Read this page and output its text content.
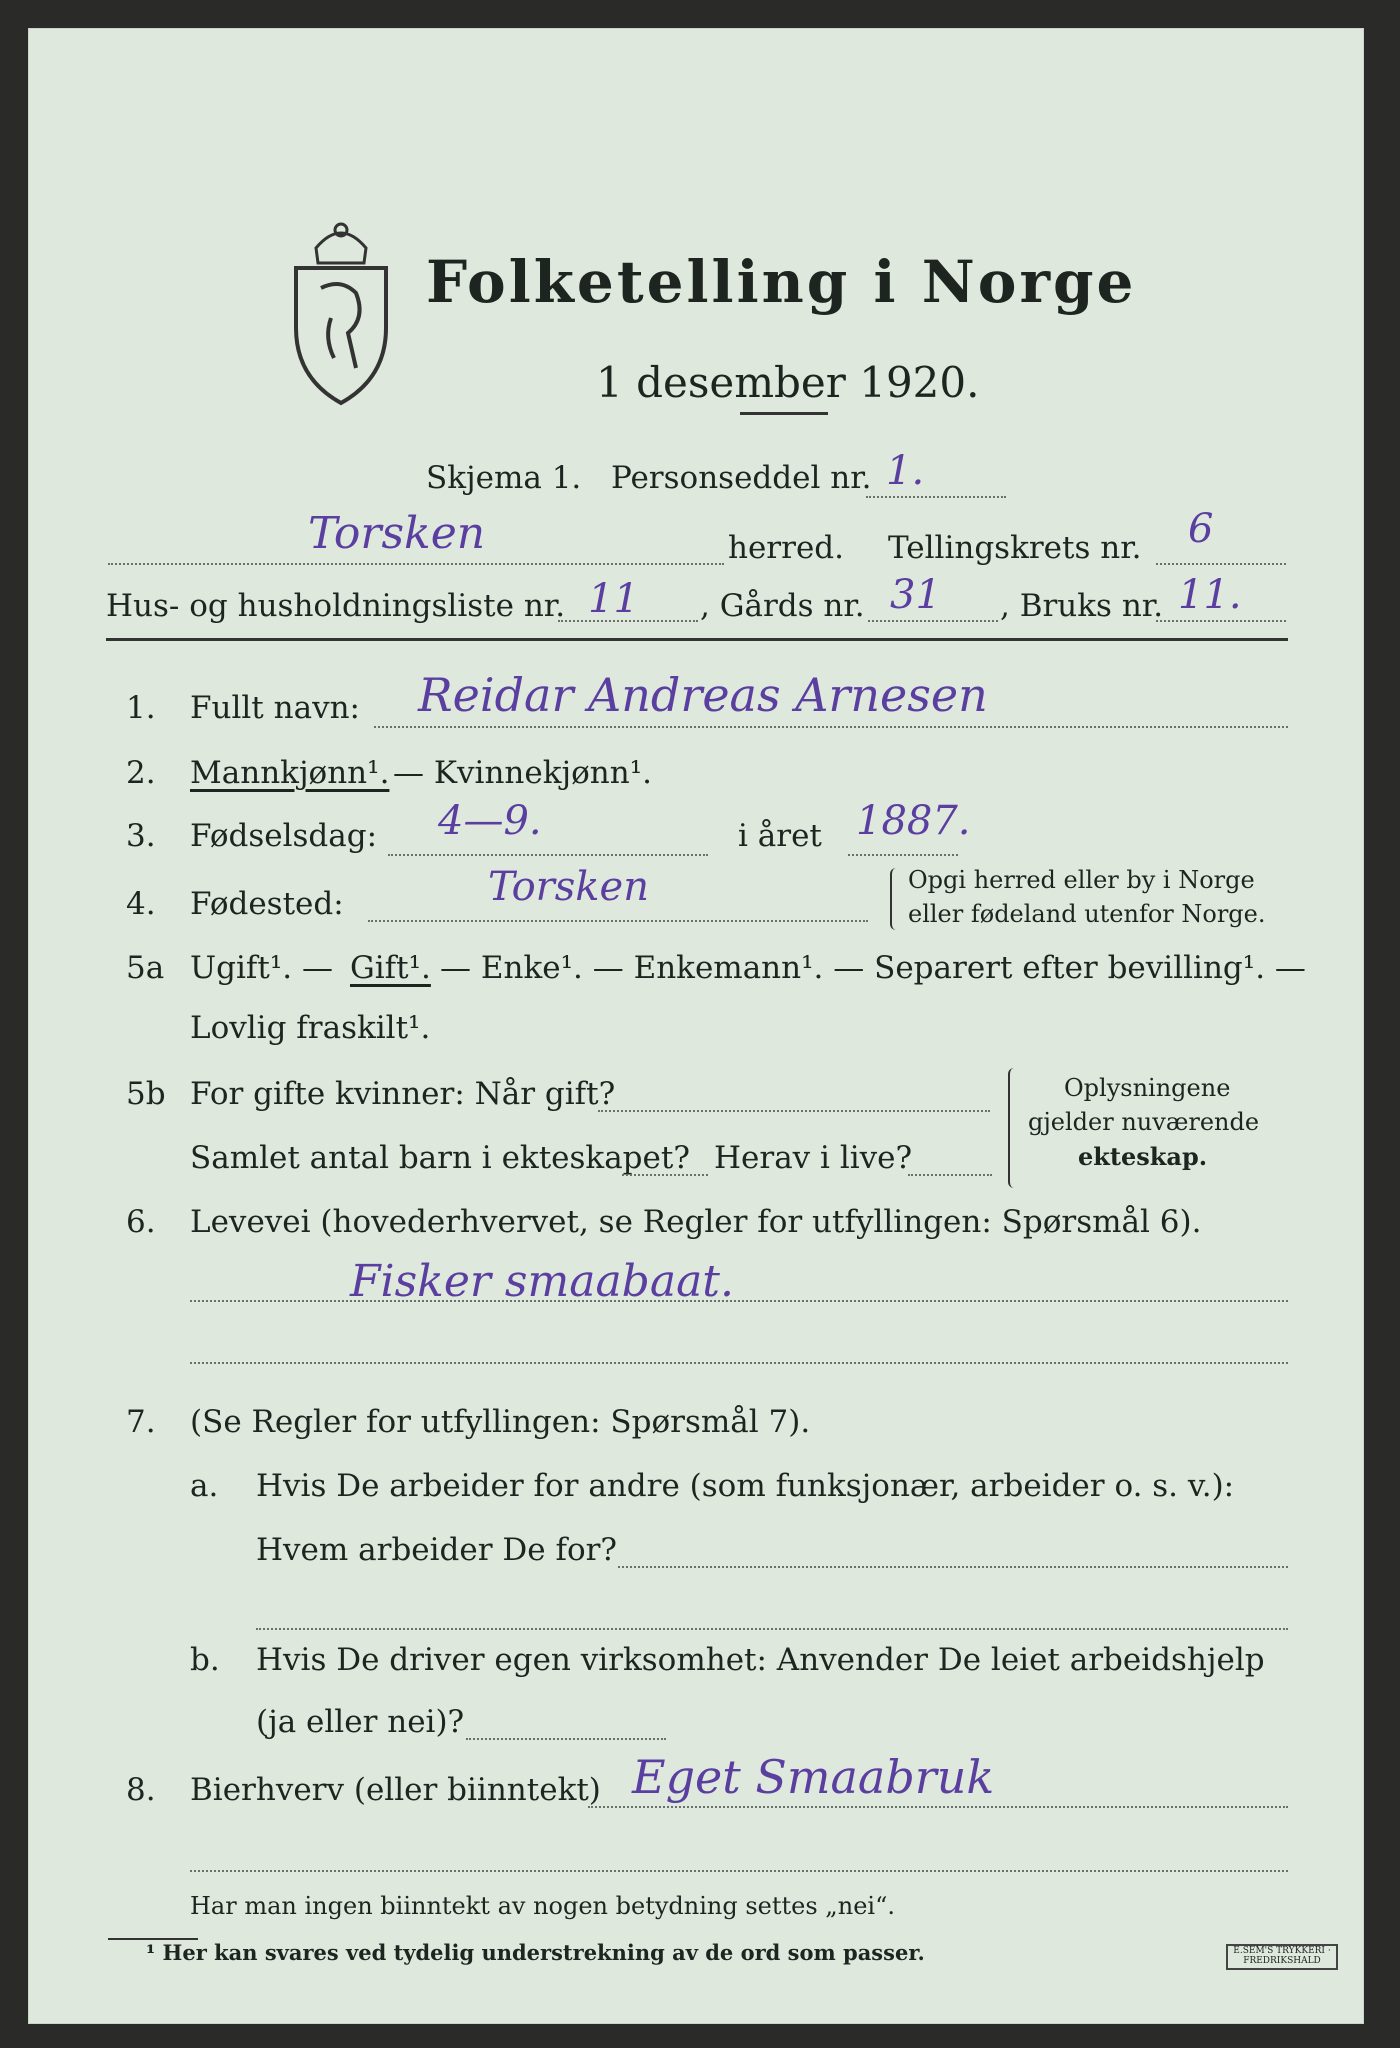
Folketelling i Norge
1 desember 1920.
Skjema 1. Personseddel nr. 1.
Torsken	herred. Tellingskrets nr. 6
Hus- og husholdningsliste nr. 11 , Gårds nr. 31 , Bruks nr. 11.
1. Fullt navn: Reidar Andreas Arnesen
2. Mannkjønn¹. — Kvinnekjønn¹.
3. Fødselsdag: 4—9.	i året 1887.
4. Fødested:	Torsken	Opgi herred eller by i Norge
eller fødeland utenfor Norge.
5a Ugift¹. — Gift¹. — Enke¹. — Enkemann¹. — Separert efter bevilling¹. —
Lovlig fraskilt¹.
5b For gifte kvinner: Når gift?
Samlet antal barn i ekteskapet? Herav i live?
Oplysningene
gjelder nuværende
ekteskap.
6. Levevei (hovederhvervet, se Regler for utfyllingen: Spørsmål 6).
Fisker smaabaat.
7. (Se Regler for utfyllingen: Spørsmål 7).
a. Hvis De arbeider for andre (som funksjonær, arbeider o. s. v.):
Hvem arbeider De for?
b. Hvis De driver egen virksomhet: Anvender De leiet arbeidshjelp
(ja eller nei)?
8. Bierhverv (eller biinntekt) Eget Smaabruk
Har man ingen biinntekt av nogen betydning settes „nei“.
¹ Her kan svares ved tydelig understrekning av de ord som passer.	E.SEM'S TRYKKERI · FREDRIKSHALD
